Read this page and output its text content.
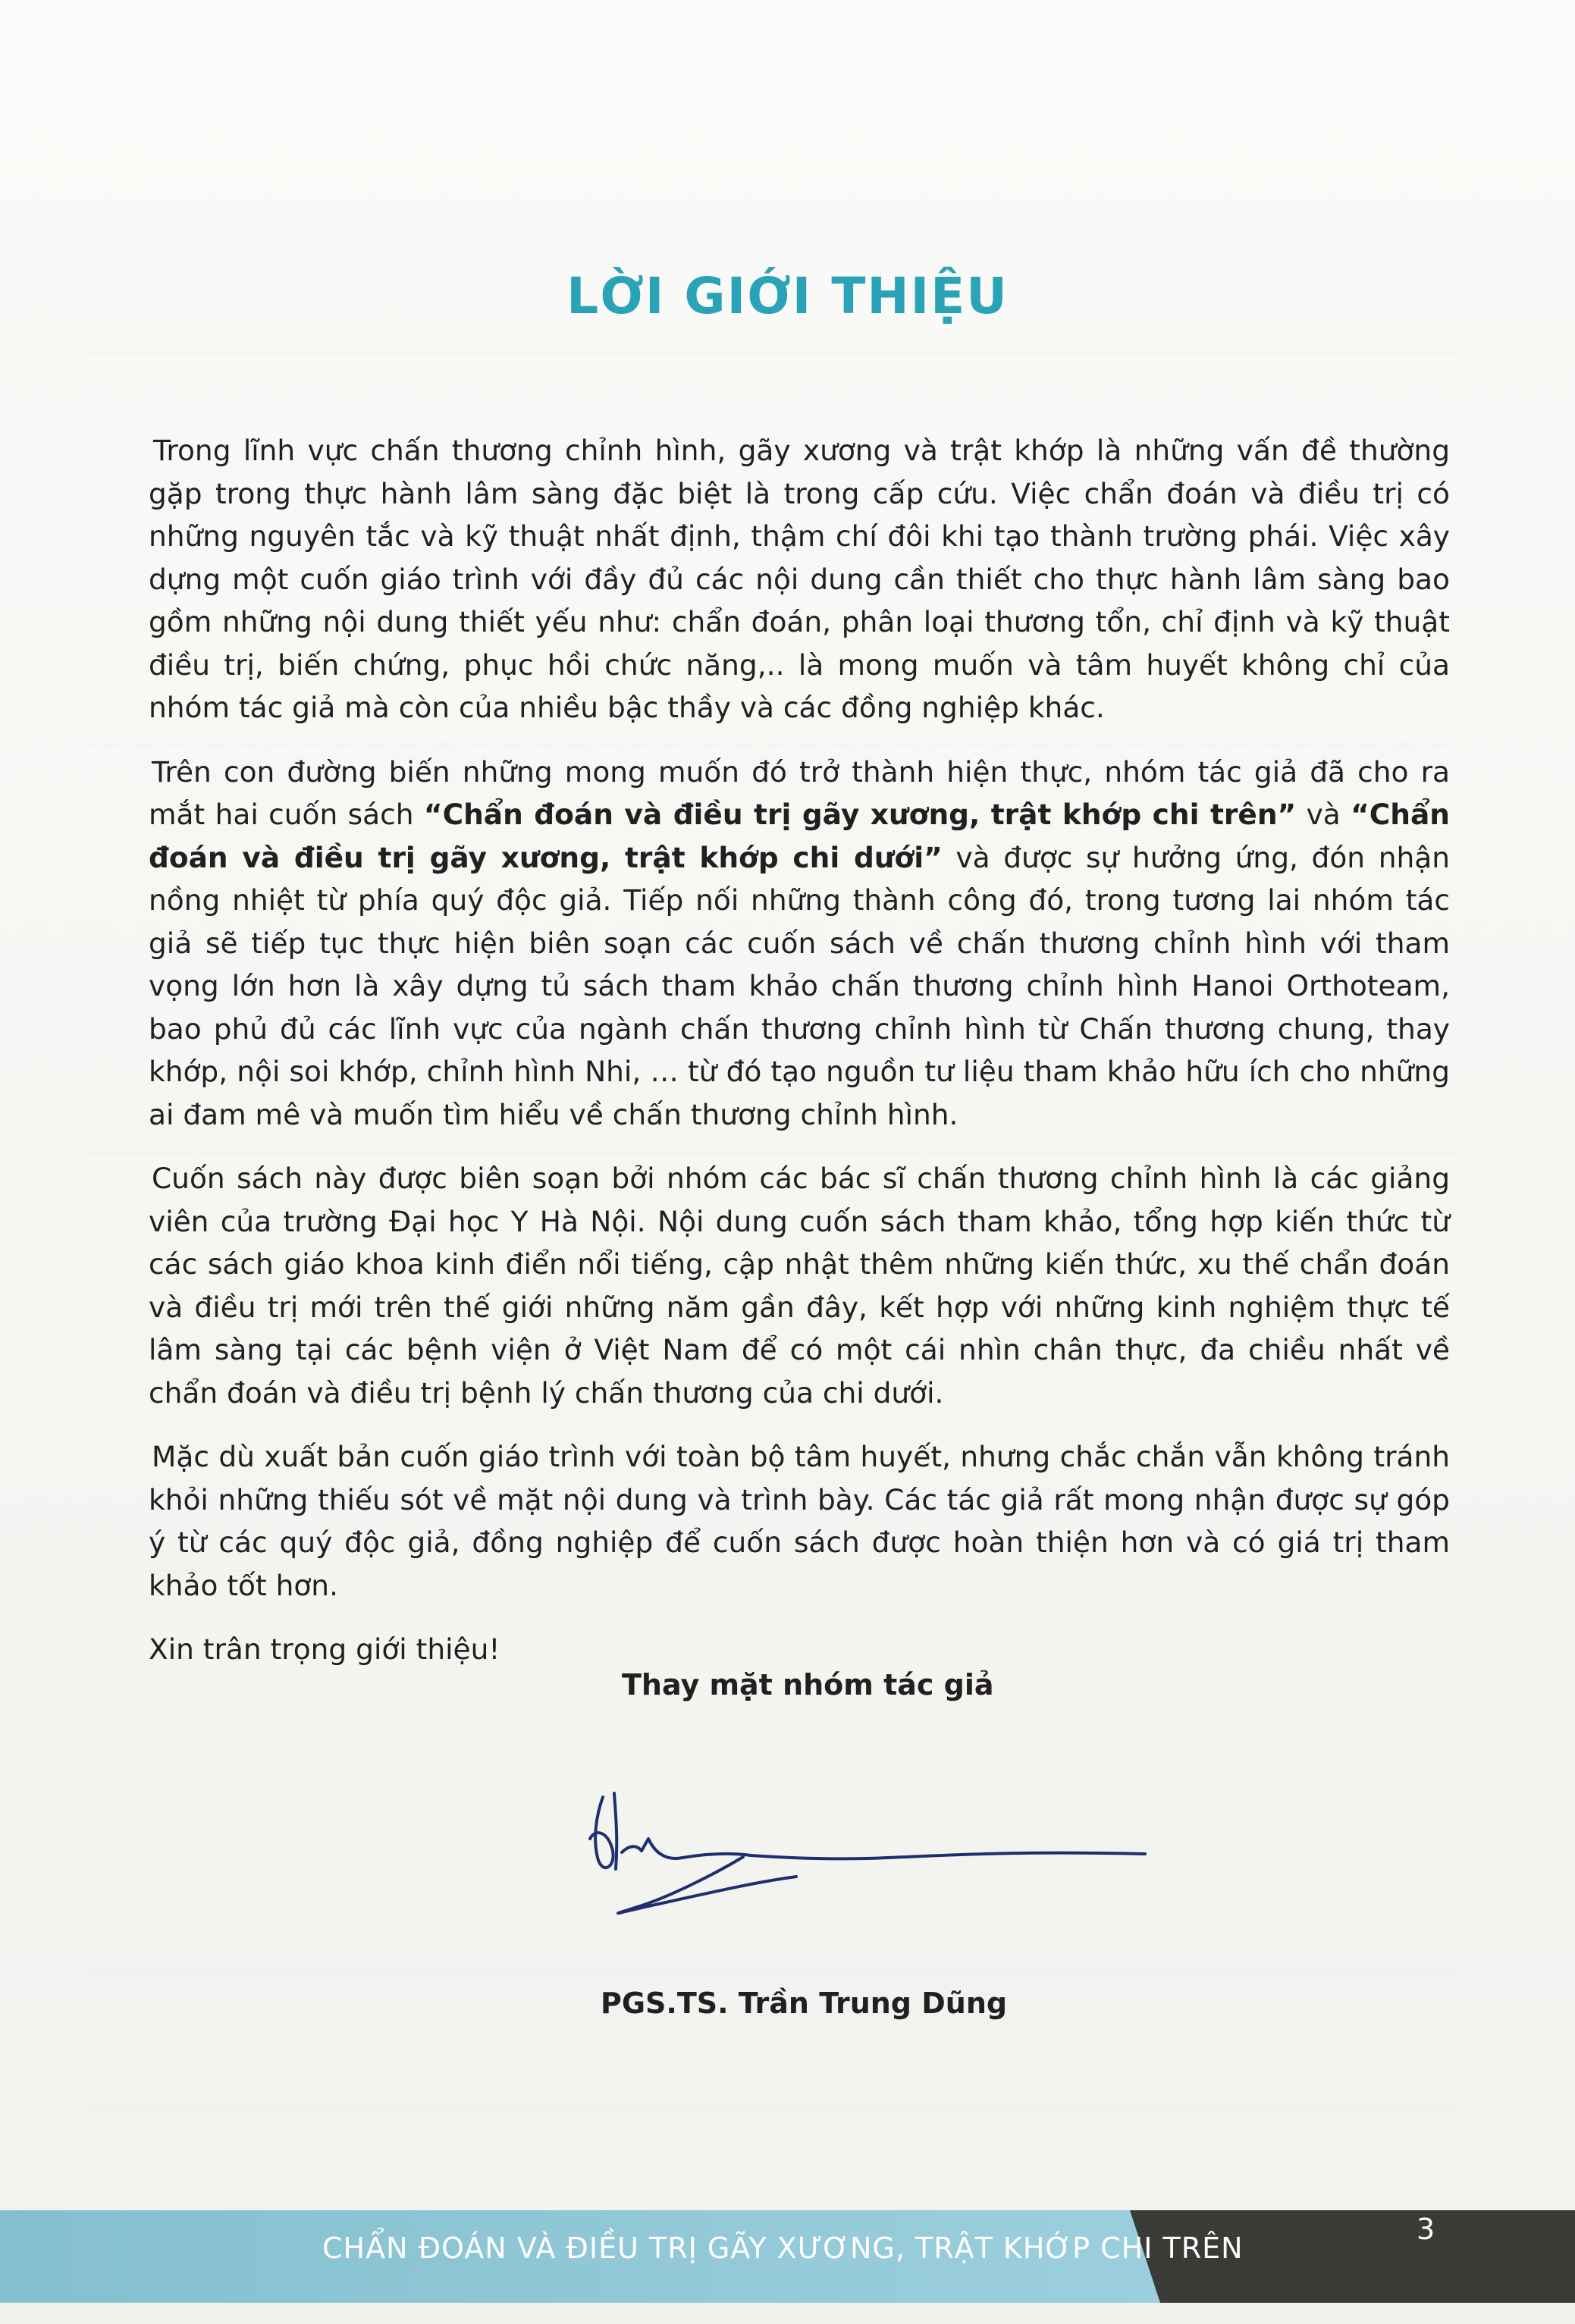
LỜI GIỚI THIỆU

Trong lĩnh vực chấn thương chỉnh hình, gãy xương và trật khớp là những vấn đề thường gặp trong thực hành lâm sàng đặc biệt là trong cấp cứu. Việc chẩn đoán và điều trị có những nguyên tắc và kỹ thuật nhất định, thậm chí đôi khi tạo thành trường phái. Việc xây dựng một cuốn giáo trình với đầy đủ các nội dung cần thiết cho thực hành lâm sàng bao gồm những nội dung thiết yếu như: chẩn đoán, phân loại thương tổn, chỉ định và kỹ thuật điều trị, biến chứng, phục hồi chức năng,.. là mong muốn và tâm huyết không chỉ của nhóm tác giả mà còn của nhiều bậc thầy và các đồng nghiệp khác.

Trên con đường biến những mong muốn đó trở thành hiện thực, nhóm tác giả đã cho ra mắt hai cuốn sách “Chẩn đoán và điều trị gãy xương, trật khớp chi trên” và “Chẩn đoán và điều trị gãy xương, trật khớp chi dưới” và được sự hưởng ứng, đón nhận nồng nhiệt từ phía quý độc giả. Tiếp nối những thành công đó, trong tương lai nhóm tác giả sẽ tiếp tục thực hiện biên soạn các cuốn sách về chấn thương chỉnh hình với tham vọng lớn hơn là xây dựng tủ sách tham khảo chấn thương chỉnh hình Hanoi Orthoteam, bao phủ đủ các lĩnh vực của ngành chấn thương chỉnh hình từ Chấn thương chung, thay khớp, nội soi khớp, chỉnh hình Nhi, … từ đó tạo nguồn tư liệu tham khảo hữu ích cho những ai đam mê và muốn tìm hiểu về chấn thương chỉnh hình.

Cuốn sách này được biên soạn bởi nhóm các bác sĩ chấn thương chỉnh hình là các giảng viên của trường Đại học Y Hà Nội. Nội dung cuốn sách tham khảo, tổng hợp kiến thức từ các sách giáo khoa kinh điển nổi tiếng, cập nhật thêm những kiến thức, xu thế chẩn đoán và điều trị mới trên thế giới những năm gần đây, kết hợp với những kinh nghiệm thực tế lâm sàng tại các bệnh viện ở Việt Nam để có một cái nhìn chân thực, đa chiều nhất về chẩn đoán và điều trị bệnh lý chấn thương của chi dưới.

Mặc dù xuất bản cuốn giáo trình với toàn bộ tâm huyết, nhưng chắc chắn vẫn không tránh khỏi những thiếu sót về mặt nội dung và trình bày. Các tác giả rất mong nhận được sự góp ý từ các quý độc giả, đồng nghiệp để cuốn sách được hoàn thiện hơn và có giá trị tham khảo tốt hơn.

Xin trân trọng giới thiệu!

Thay mặt nhóm tác giả
PGS.TS. Trần Trung Dũng
CHẨN ĐOÁN VÀ ĐIỀU TRỊ GÃY XƯƠNG, TRẬT KHỚP CHI TRÊN
3
